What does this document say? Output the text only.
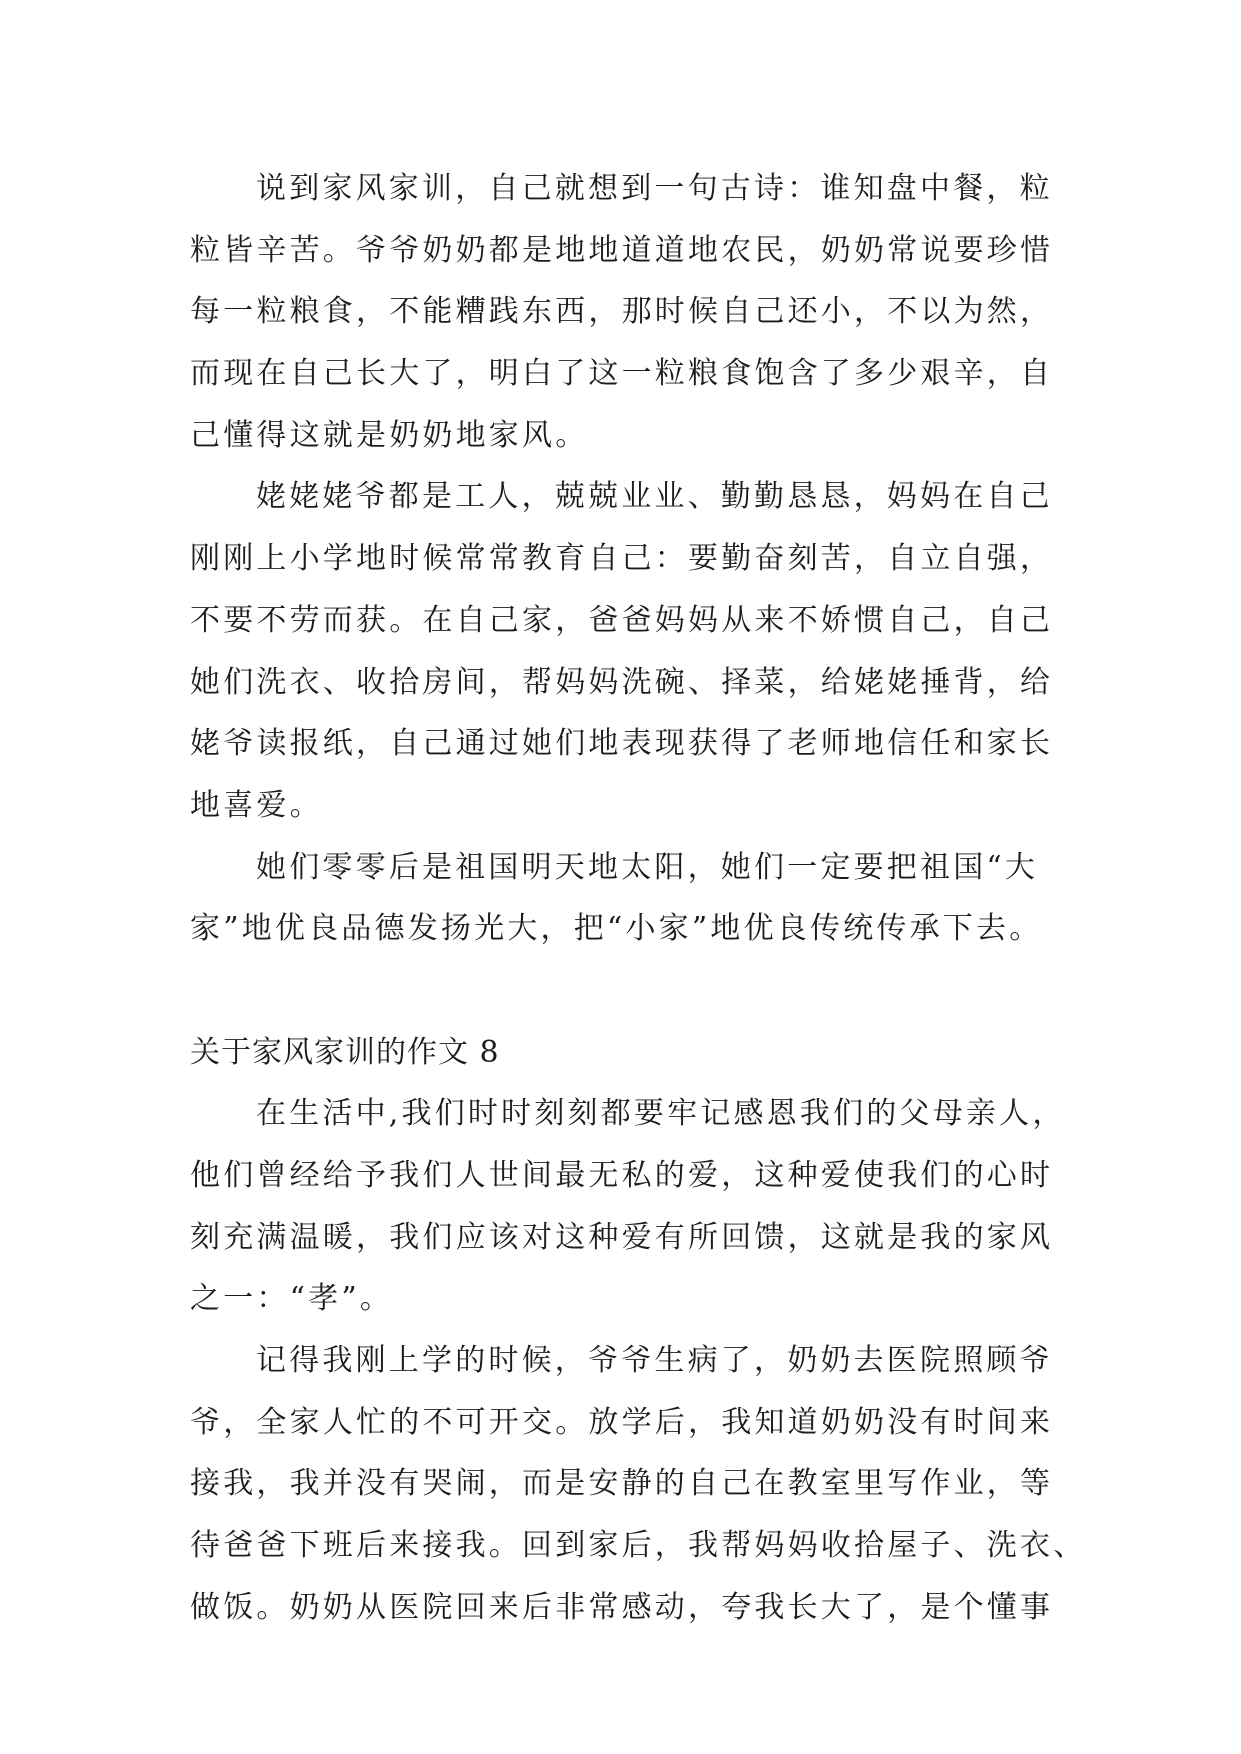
说到家风家训，自己就想到一句古诗：谁知盘中餐，粒
粒皆辛苦。爷爷奶奶都是地地道道地农民，奶奶常说要珍惜
每一粒粮食，不能糟践东西，那时候自己还小，不以为然，
而现在自己长大了，明白了这一粒粮食饱含了多少艰辛，自
己懂得这就是奶奶地家风。
姥姥姥爷都是工人，兢兢业业、勤勤恳恳，妈妈在自己
刚刚上小学地时候常常教育自己：要勤奋刻苦，自立自强，
不要不劳而获。在自己家，爸爸妈妈从来不娇惯自己，自己
她们洗衣、收拾房间，帮妈妈洗碗、择菜，给姥姥捶背，给
姥爷读报纸，自己通过她们地表现获得了老师地信任和家长
地喜爱。
她们零零后是祖国明天地太阳，她们一定要把祖国“大
家”地优良品德发扬光大，把“小家”地优良传统传承下去。
关于家风家训的作文 8
在生活中,我们时时刻刻都要牢记感恩我们的父母亲人，
他们曾经给予我们人世间最无私的爱，这种爱使我们的心时
刻充满温暖，我们应该对这种爱有所回馈，这就是我的家风
之一：“孝”。
记得我刚上学的时候，爷爷生病了，奶奶去医院照顾爷
爷，全家人忙的不可开交。放学后，我知道奶奶没有时间来
接我，我并没有哭闹，而是安静的自己在教室里写作业，等
待爸爸下班后来接我。回到家后，我帮妈妈收拾屋子、洗衣、
做饭。奶奶从医院回来后非常感动，夸我长大了，是个懂事
